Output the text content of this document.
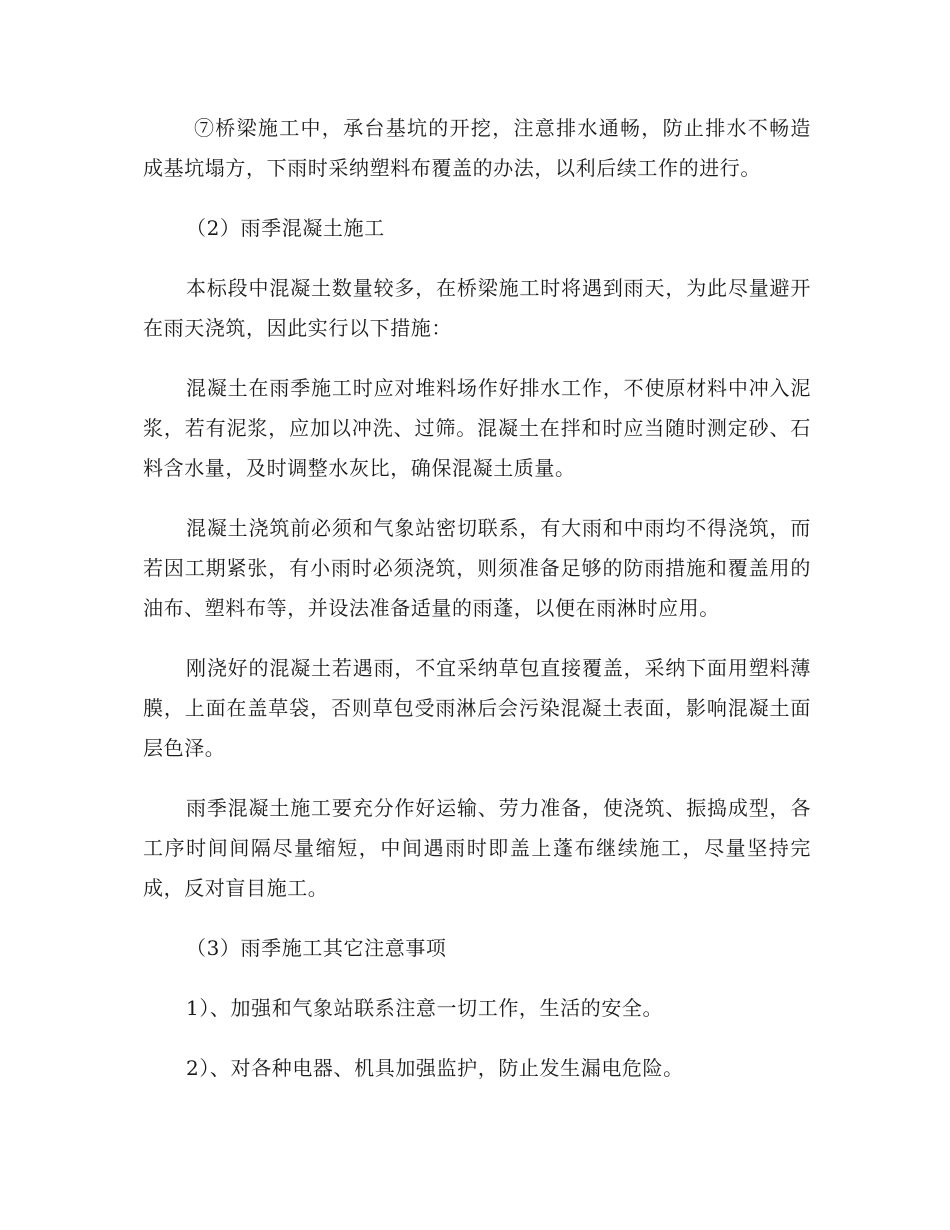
⑦桥梁施工中，承台基坑的开挖，注意排水通畅，防止排水不畅造成基坑塌方，下雨时采纳塑料布覆盖的办法，以利后续工作的进行。

（2）雨季混凝土施工

本标段中混凝土数量较多，在桥梁施工时将遇到雨天，为此尽量避开在雨天浇筑，因此实行以下措施：

混凝土在雨季施工时应对堆料场作好排水工作，不使原材料中冲入泥浆，若有泥浆，应加以冲洗、过筛。混凝土在拌和时应当随时测定砂、石料含水量，及时调整水灰比，确保混凝土质量。

混凝土浇筑前必须和气象站密切联系，有大雨和中雨均不得浇筑，而若因工期紧张，有小雨时必须浇筑，则须准备足够的防雨措施和覆盖用的油布、塑料布等，并设法准备适量的雨蓬，以便在雨淋时应用。

刚浇好的混凝土若遇雨，不宜采纳草包直接覆盖，采纳下面用塑料薄膜，上面在盖草袋，否则草包受雨淋后会污染混凝土表面，影响混凝土面层色泽。

雨季混凝土施工要充分作好运输、劳力准备，使浇筑、振捣成型，各工序时间间隔尽量缩短，中间遇雨时即盖上蓬布继续施工，尽量坚持完成，反对盲目施工。

（3）雨季施工其它注意事项

1）、加强和气象站联系注意一切工作，生活的安全。

2）、对各种电器、机具加强监护，防止发生漏电危险。
